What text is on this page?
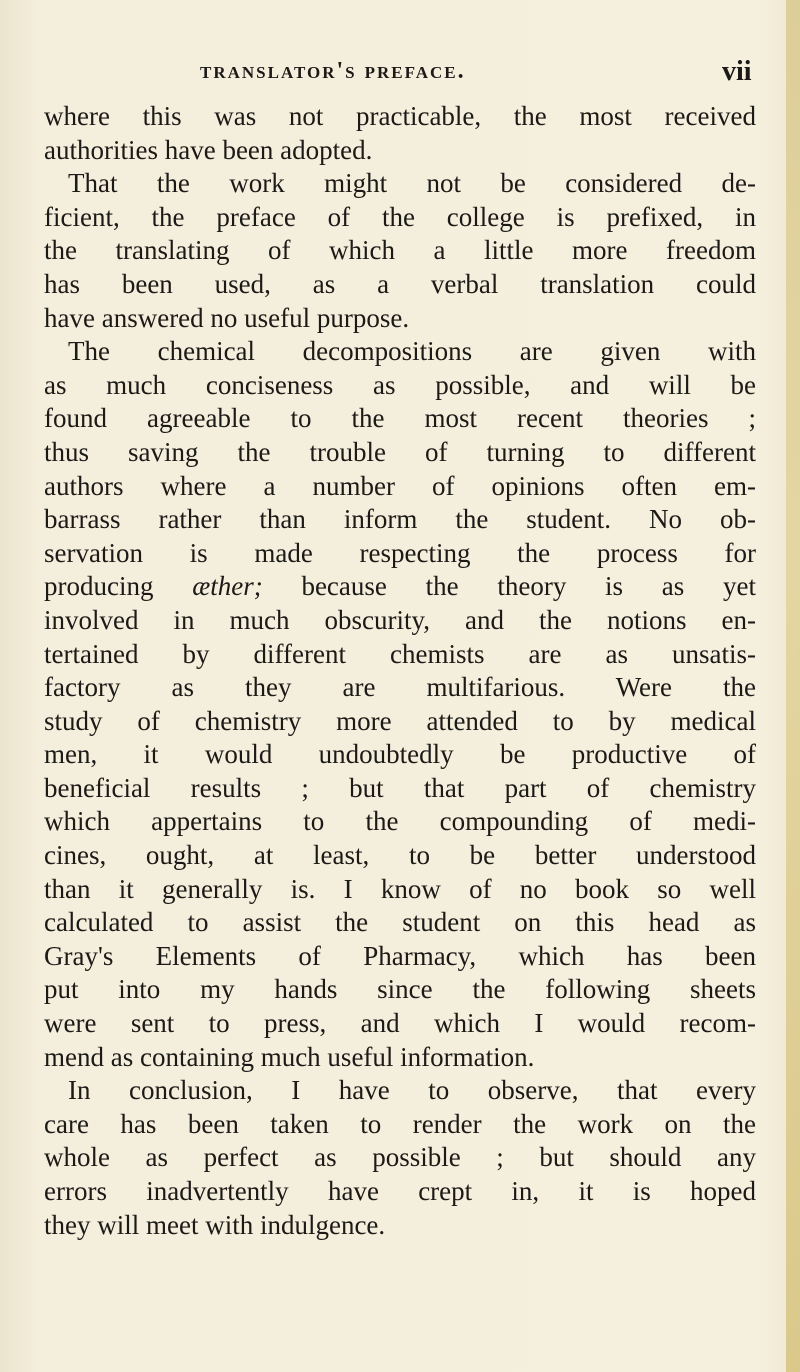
translator's preface.	vii
where this was not practicable, the most received
authorities have been adopted.
That the work might not be considered de-
ficient, the preface of the college is prefixed, in
the translating of which a little more freedom
has been used, as a verbal translation could
have answered no useful purpose.
The chemical decompositions are given with
as much conciseness as possible, and will be
found agreeable to the most recent theories ;
thus saving the trouble of turning to different
authors where a number of opinions often em-
barrass rather than inform the student. No ob-
servation is made respecting the process for
producing æther; because the theory is as yet
involved in much obscurity, and the notions en-
tertained by different chemists are as unsatis-
factory as they are multifarious. Were the
study of chemistry more attended to by medical
men, it would undoubtedly be productive of
beneficial results ; but that part of chemistry
which appertains to the compounding of medi-
cines, ought, at least, to be better understood
than it generally is. I know of no book so well
calculated to assist the student on this head as
Gray's Elements of Pharmacy, which has been
put into my hands since the following sheets
were sent to press, and which I would recom-
mend as containing much useful information.
In conclusion, I have to observe, that every
care has been taken to render the work on the
whole as perfect as possible ; but should any
errors inadvertently have crept in, it is hoped
they will meet with indulgence.
